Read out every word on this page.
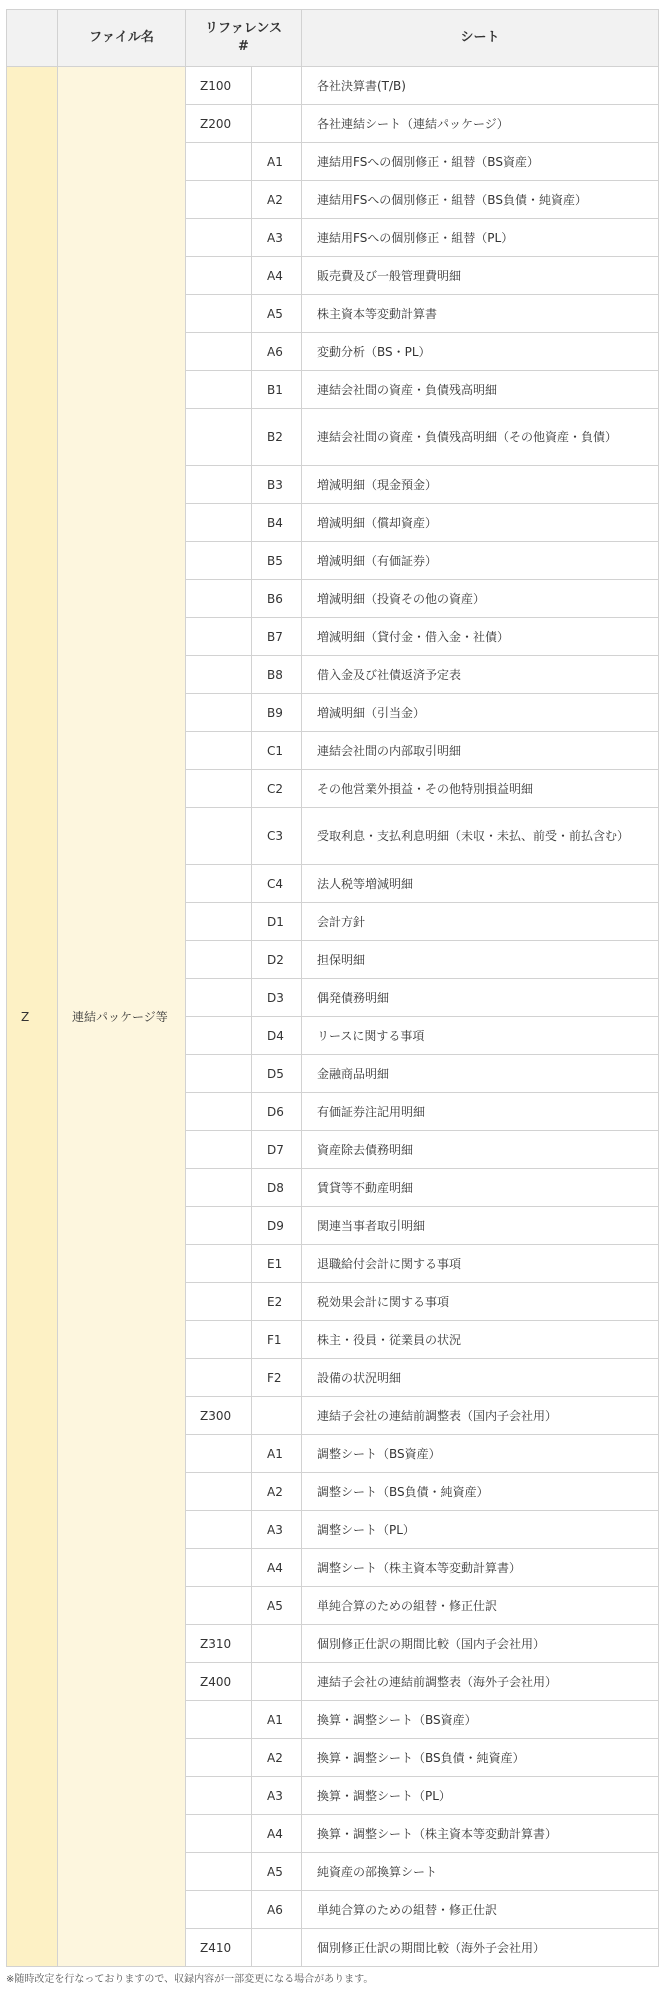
	ファイル名	リファレンス
#		シート
Z	連結パッケージ等	Z100		各社決算書(T/B)
		Z200		各社連結シート（連結パッケージ）
			A1	連結用FSへの個別修正・組替（BS資産）
			A2	連結用FSへの個別修正・組替（BS負債・純資産）
			A3	連結用FSへの個別修正・組替（PL）
			A4	販売費及び一般管理費明細
			A5	株主資本等変動計算書
			A6	変動分析（BS・PL）
			B1	連結会社間の資産・負債残高明細
			B2	連結会社間の資産・負債残高明細（その他資産・負債）
			B3	増減明細（現金預金）
			B4	増減明細（償却資産）
			B5	増減明細（有価証券）
			B6	増減明細（投資その他の資産）
			B7	増減明細（貸付金・借入金・社債）
			B8	借入金及び社債返済予定表
			B9	増減明細（引当金）
			C1	連結会社間の内部取引明細
			C2	その他営業外損益・その他特別損益明細
			C3	受取利息・支払利息明細（未収・未払、前受・前払含む）
			C4	法人税等増減明細
			D1	会計方針
			D2	担保明細
			D3	偶発債務明細
			D4	リースに関する事項
			D5	金融商品明細
			D6	有価証券注記用明細
			D7	資産除去債務明細
			D8	賃貸等不動産明細
			D9	関連当事者取引明細
			E1	退職給付会計に関する事項
			E2	税効果会計に関する事項
			F1	株主・役員・従業員の状況
			F2	設備の状況明細
		Z300		連結子会社の連結前調整表（国内子会社用）
			A1	調整シート（BS資産）
			A2	調整シート（BS負債・純資産）
			A3	調整シート（PL）
			A4	調整シート（株主資本等変動計算書）
			A5	単純合算のための組替・修正仕訳
		Z310		個別修正仕訳の期間比較（国内子会社用）
		Z400		連結子会社の連結前調整表（海外子会社用）
			A1	換算・調整シート（BS資産）
			A2	換算・調整シート（BS負債・純資産）
			A3	換算・調整シート（PL）
			A4	換算・調整シート（株主資本等変動計算書）
			A5	純資産の部換算シート
			A6	単純合算のための組替・修正仕訳
		Z410		個別修正仕訳の期間比較（海外子会社用）
※随時改定を行なっておりますので、収録内容が一部変更になる場合があります。
